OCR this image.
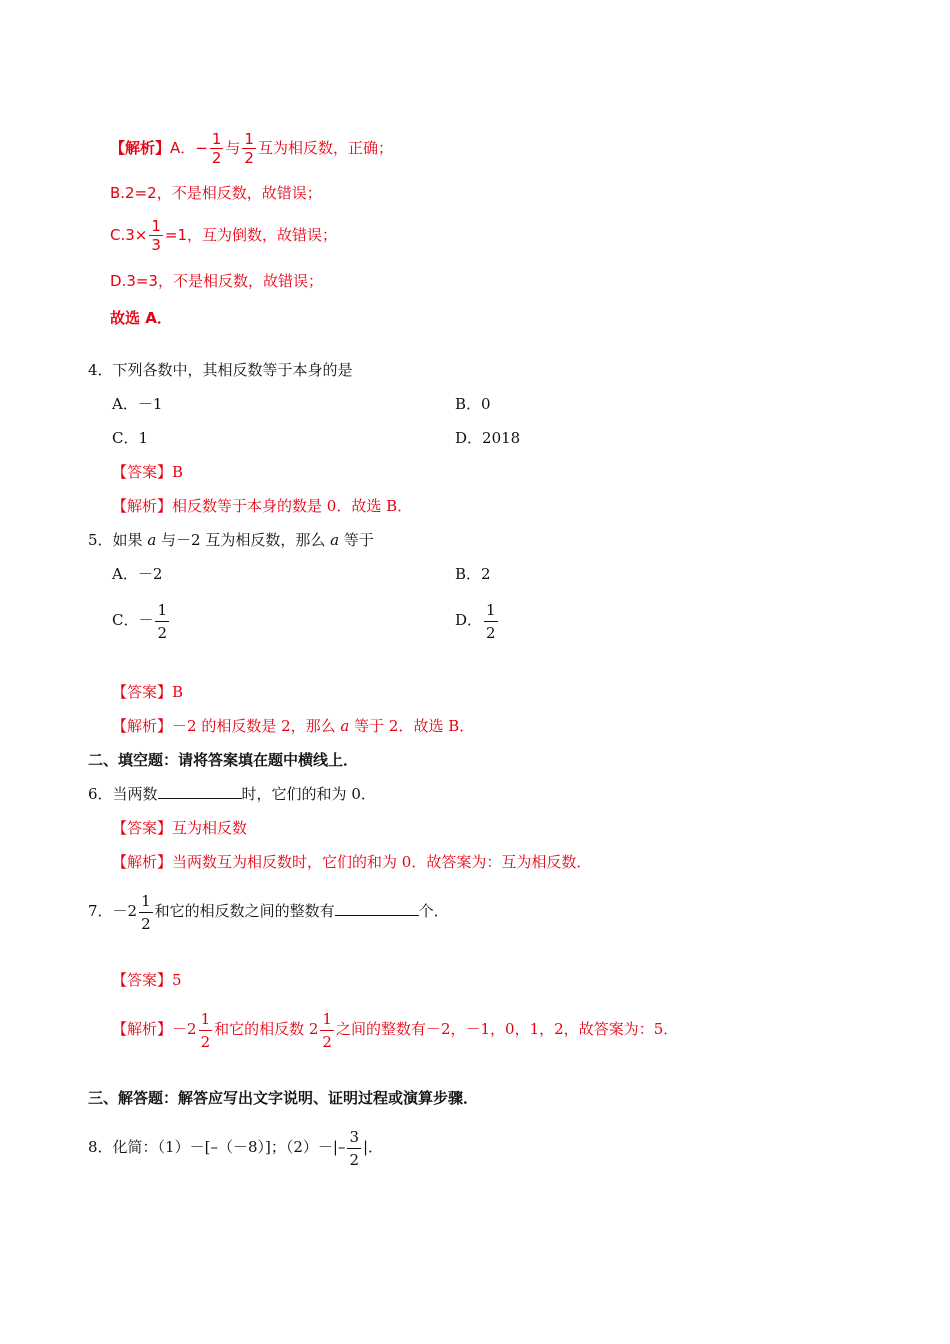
【解析】A．− $\frac{1}{2}$ 与 $\frac{1}{2}$ 互为相反数，正确；
B.2=2，不是相反数，故错误；
$C.3\times \frac{1}{3} =1$，互为倒数，故错误；
D.3=3，不是相反数，故错误；
故选 A．
4．下列各数中，其相反数等于本身的是
A．－1	B．0
C．1	D．2018
【答案】B
【解析】相反数等于本身的数是 0．故选 B．
5．如果 a 与－2 互为相反数，那么 a 等于
A．－2	B．2
C．－ $\frac{1}{2}$	D． $\frac{1}{2}$
【答案】B
【解析】－2 的相反数是 2，那么 a 等于 2．故选 B．
二、填空题：请将答案填在题中横线上．
6．当两数	时，它们的和为 0．
【答案】互为相反数
【解析】当两数互为相反数时，它们的和为 0．故答案为：互为相反数．
7．$-2 \frac{1}{2}$ 和它的相反数之间的整数有	个．
【答案】5
【解析】$-2 \frac{1}{2}$ 和它的相反数 $2 \frac{1}{2}$ 之间的整数有－2，－1，0，1，2，故答案为：5．
三、解答题：解答应写出文字说明、证明过程或演算步骤．
8．化简：（1）－[–（－8）]；$(2)-|- \frac{3}{2}$ |．
